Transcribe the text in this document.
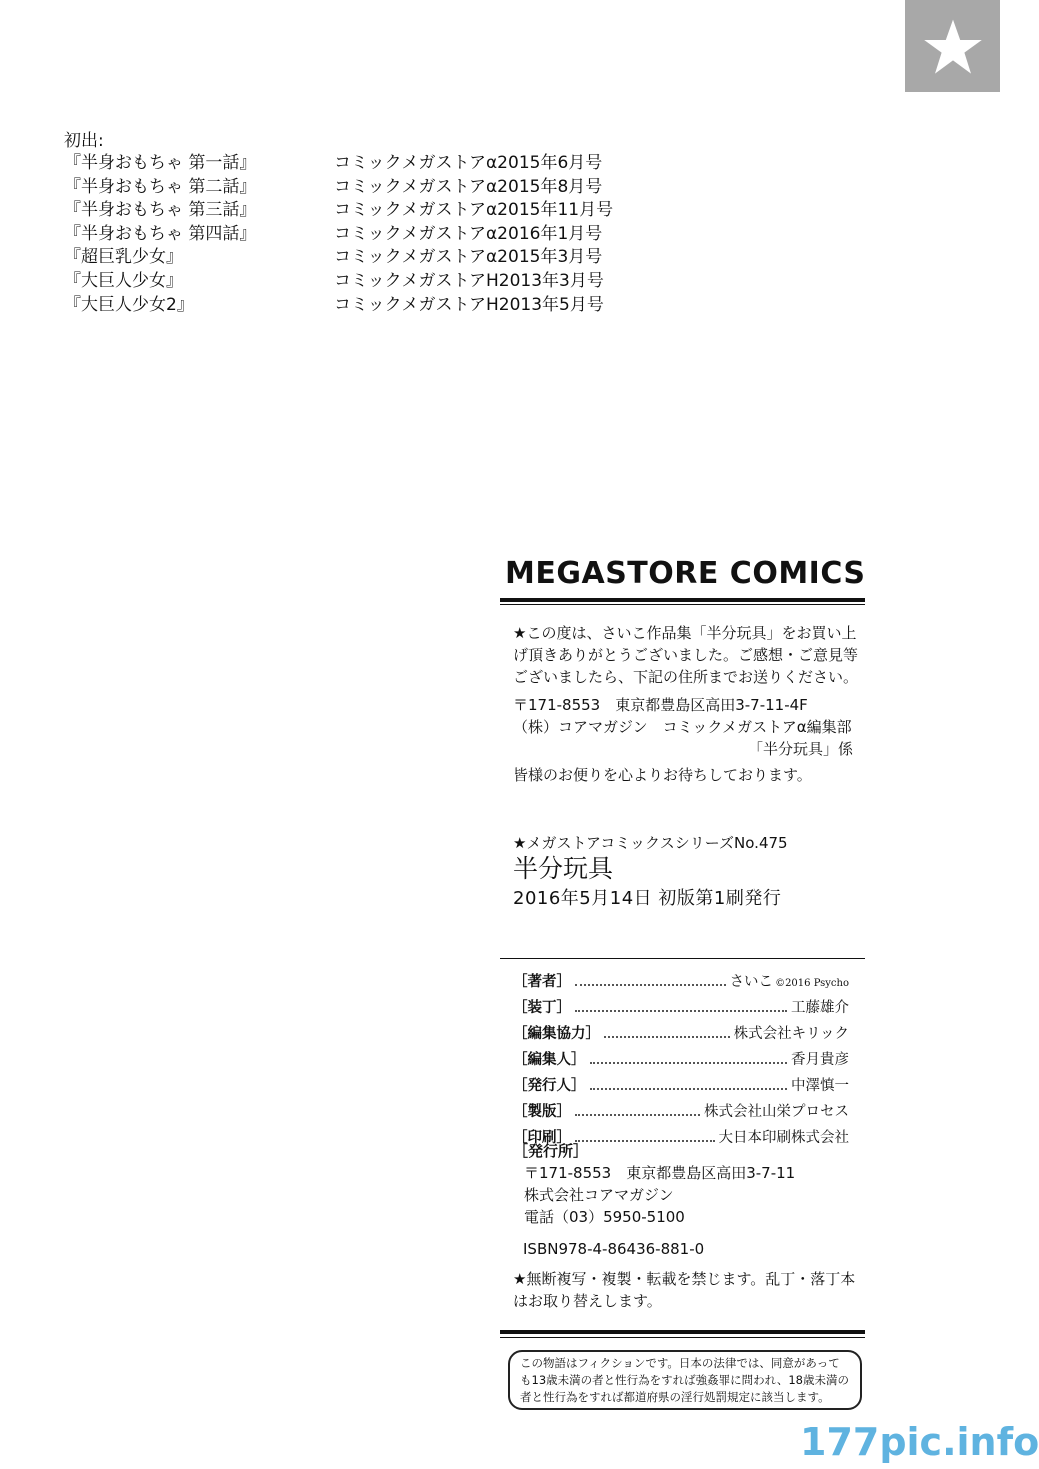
初出:
『半身おもちゃ 第一話』	コミックメガストアα2015年6月号
『半身おもちゃ 第二話』	コミックメガストアα2015年8月号
『半身おもちゃ 第三話』	コミックメガストアα2015年11月号
『半身おもちゃ 第四話』	コミックメガストアα2016年1月号
『超巨乳少女』	コミックメガストアα2015年3月号
『大巨人少女』	コミックメガストアH2013年3月号
『大巨人少女2』	コミックメガストアH2013年5月号
MEGASTORE COMICS
★この度は、さいこ作品集「半分玩具」をお買い上げ頂きありがとうございました。ご感想・ご意見等ございましたら、下記の住所までお送りください。
〒171-8553　東京都豊島区高田3-7-11-4F
（株）コアマガジン　コミックメガストアα編集部
「半分玩具」係
皆様のお便りを心よりお待ちしております。
★メガストアコミックスシリーズNo.475
半分玩具
2016年5月14日 初版第1刷発行
［著者］	さいこ ©2016 Psycho
［装丁］	工藤雄介
［編集協力］	株式会社キリック
［編集人］	香月貴彦
［発行人］	中澤慎一
［製版］	株式会社山栄プロセス
［印刷］	大日本印刷株式会社
［発行所］
〒171-8553　東京都豊島区高田3-7-11
株式会社コアマガジン
電話（03）5950-5100
ISBN978-4-86436-881-0
★無断複写・複製・転載を禁じます。乱丁・落丁本はお取り替えします。
この物語はフィクションです。日本の法律では、同意があっても13歳未満の者と性行為をすれば強姦罪に問われ、18歳未満の者と性行為をすれば都道府県の淫行処罰規定に該当します。
177pic.info
